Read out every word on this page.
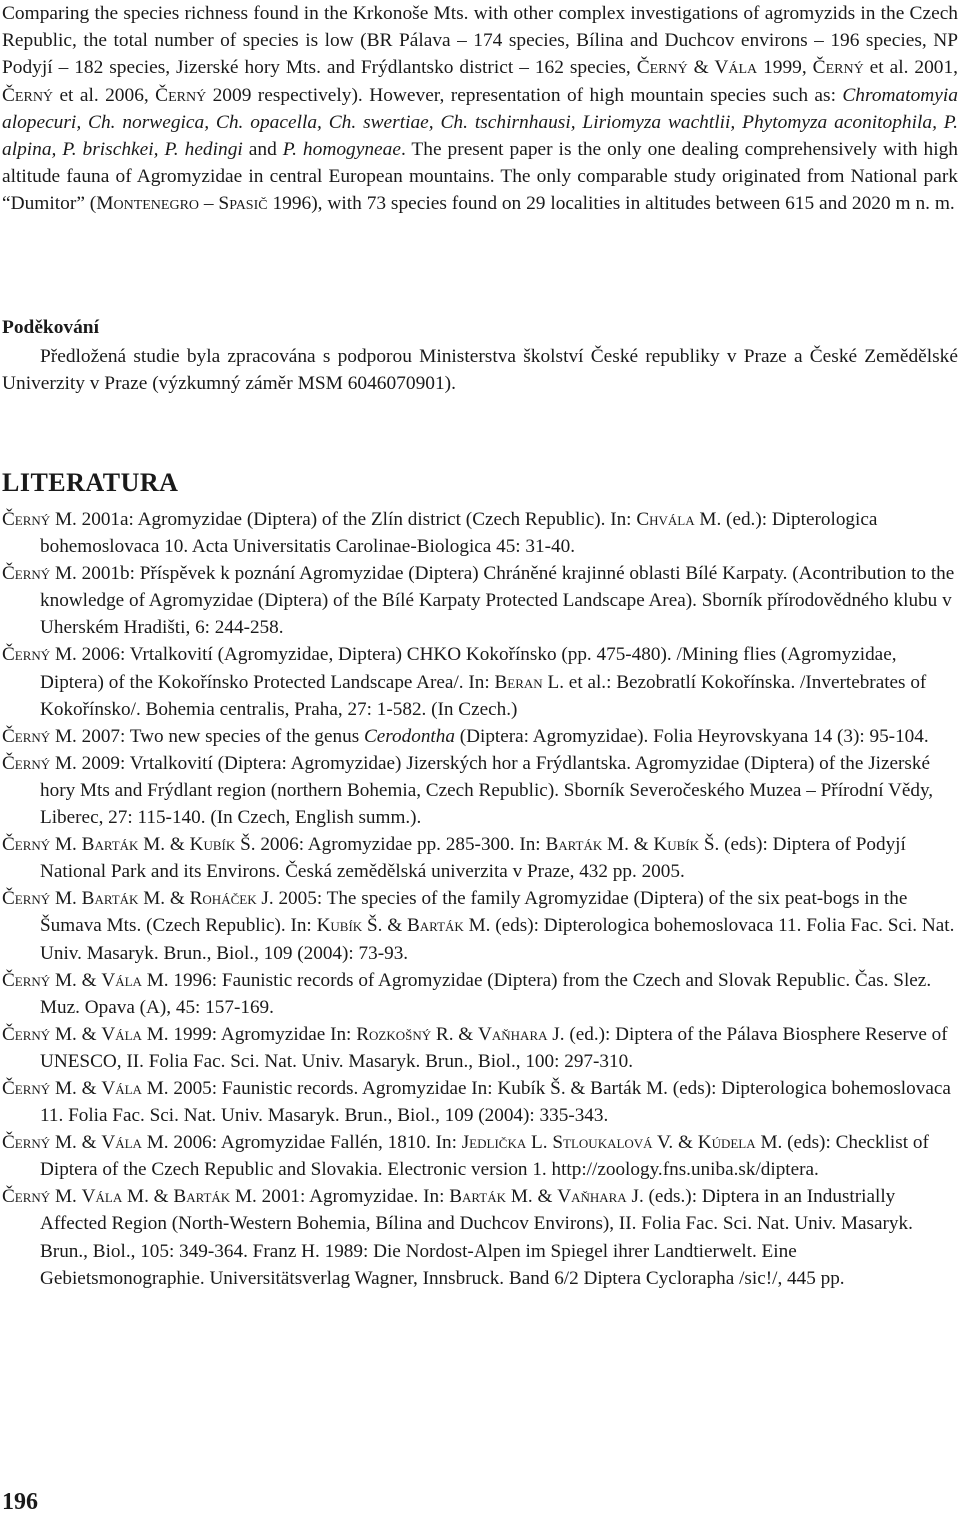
Comparing the species richness found in the Krkonoše Mts. with other complex investigations of agromyzids in the Czech Republic, the total number of species is low (BR Pálava – 174 species, Bílina and Duchcov environs – 196 species, NP Podyjí – 182 species, Jizerské hory Mts. and Frýdlantsko district – 162 species, Černý & Vála 1999, Černý et al. 2001, Černý et al. 2006, Černý 2009 respectively). However, representation of high mountain species such as: Chromatomyia alopecuri, Ch. norwegica, Ch. opacella, Ch. swertiae, Ch. tschirnhausi, Liriomyza wachtlii, Phytomyza aconitophila, P. alpina, P. brischkei, P. hedingi and P. homogyneae. The present paper is the only one dealing comprehensively with high altitude fauna of Agromyzidae in central European mountains. The only comparable study originated from National park “Dumitor” (Montenegro – Spasič 1996), with 73 species found on 29 localities in altitudes between 615 and 2020 m n. m.

Poděkování

Předložená studie byla zpracována s podporou Ministerstva školství České republiky v Praze a České Zemědělské Univerzity v Praze (výzkumný záměr MSM 6046070901).

LITERATURA

Černý M. 2001a: Agromyzidae (Diptera) of the Zlín district (Czech Republic). In: Chvála M. (ed.): Dipterologica bohemoslovaca 10. Acta Universitatis Carolinae-Biologica 45: 31-40.

Černý M. 2001b: Příspěvek k poznání Agromyzidae (Diptera) Chráněné krajinné oblasti Bílé Karpaty. (Acontribution to the knowledge of Agromyzidae (Diptera) of the Bílé Karpaty Protected Landscape Area). Sborník přírodovědného klubu v Uherském Hradišti, 6: 244-258.

Černý M. 2006: Vrtalkovití (Agromyzidae, Diptera) CHKO Kokořínsko (pp. 475-480). /Mining flies (Agromyzidae, Diptera) of the Kokořínsko Protected Landscape Area/. In: Beran L. et al.: Bezobratlí Kokořínska. /Invertebrates of Kokořínsko/. Bohemia centralis, Praha, 27: 1-582. (In Czech.)

Černý M. 2007: Two new species of the genus Cerodontha (Diptera: Agromyzidae). Folia Heyrovskyana 14 (3): 95-104.

Černý M. 2009: Vrtalkovití (Diptera: Agromyzidae) Jizerských hor a Frýdlantska. Agromyzidae (Diptera) of the Jizerské hory Mts and Frýdlant region (northern Bohemia, Czech Republic). Sborník Severočeského Muzea – Přírodní Vědy, Liberec, 27: 115-140. (In Czech, English summ.).

Černý M. Barták M. & Kubík Š. 2006: Agromyzidae pp. 285-300. In: Barták M. & Kubík Š. (eds): Diptera of Podyjí National Park and its Environs. Česká zemědělská univerzita v Praze, 432 pp. 2005.

Černý M. Barták M. & Roháček J. 2005: The species of the family Agromyzidae (Diptera) of the six peat-bogs in the Šumava Mts. (Czech Republic). In: Kubík Š. & Barták M. (eds): Dipterologica bohemoslovaca 11. Folia Fac. Sci. Nat. Univ. Masaryk. Brun., Biol., 109 (2004): 73-93.

Černý M. & Vála M. 1996: Faunistic records of Agromyzidae (Diptera) from the Czech and Slovak Republic. Čas. Slez. Muz. Opava (A), 45: 157-169.

Černý M. & Vála M. 1999: Agromyzidae In: Rozkošný R. & Vaňhara J. (ed.): Diptera of the Pálava Biosphere Reserve of UNESCO, II. Folia Fac. Sci. Nat. Univ. Masaryk. Brun., Biol., 100: 297-310.

Černý M. & Vála M. 2005: Faunistic records. Agromyzidae In: Kubík Š. & Barták M. (eds): Dipterologica bohemoslovaca 11. Folia Fac. Sci. Nat. Univ. Masaryk. Brun., Biol., 109 (2004): 335-343.

Černý M. & Vála M. 2006: Agromyzidae Fallén, 1810. In: Jedlička L. Stloukalová V. & Kúdela M. (eds): Checklist of Diptera of the Czech Republic and Slovakia. Electronic version 1. http://zoology.fns.uniba.sk/diptera.

Černý M. Vála M. & Barták M. 2001: Agromyzidae. In: Barták M. & Vaňhara J. (eds.): Diptera in an Industrially Affected Region (North-Western Bohemia, Bílina and Duchcov Environs), II. Folia Fac. Sci. Nat. Univ. Masaryk. Brun., Biol., 105: 349-364. Franz H. 1989: Die Nordost-Alpen im Spiegel ihrer Landtierwelt. Eine Gebietsmonographie. Universitätsverlag Wagner, Innsbruck. Band 6/2 Diptera Cyclorapha /sic!/, 445 pp.

196
